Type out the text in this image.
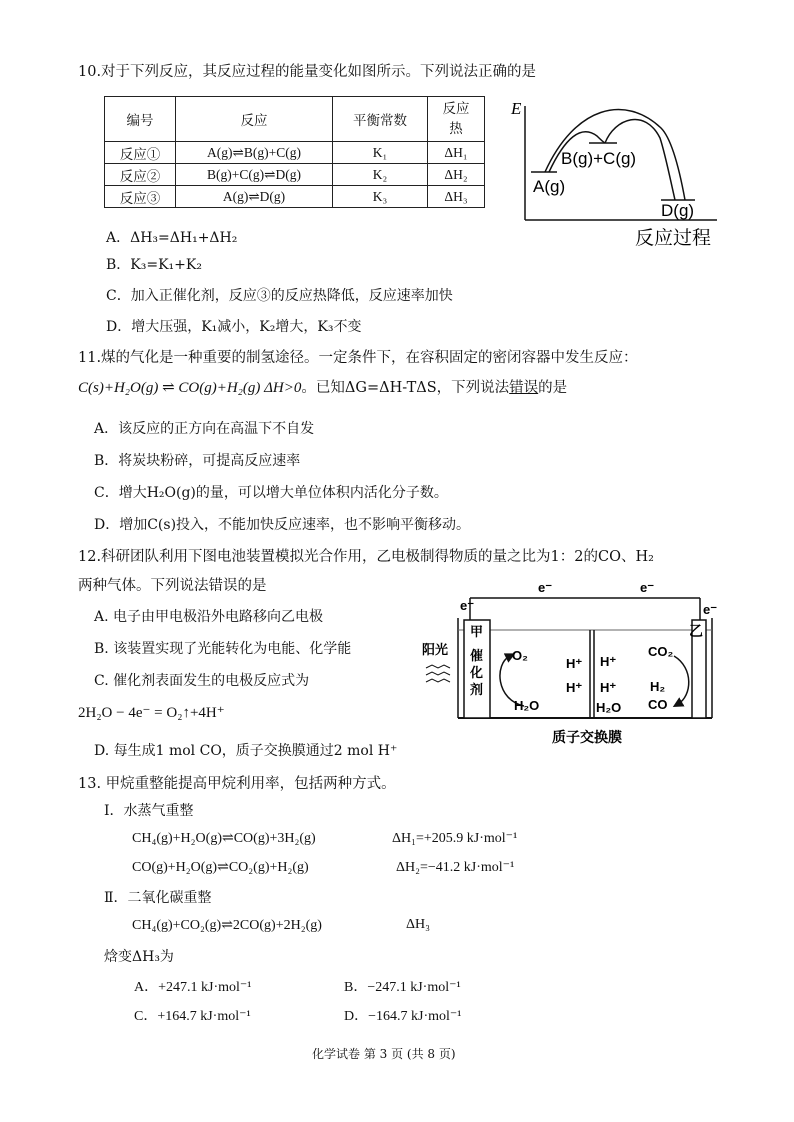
10.对于下列反应，其反应过程的能量变化如图所示。下列说法正确的是
编号	反应	平衡常数	反应
热
反应①	A(g)⇌B(g)+C(g)	K₁	ΔH₁
反应②	B(g)+C(g)⇌D(g)	K₂	ΔH₂
反应③	A(g)⇌D(g)	K₃	ΔH₃
E
A(g)
B(g)+C(g)
D(g)
反应过程
A．ΔH₃=ΔH₁+ΔH₂
B．K₃=K₁+K₂
C．加入正催化剂，反应③的反应热降低，反应速率加快
D．增大压强，K₁减小，K₂增大，K₃不变
11.煤的气化是一种重要的制氢途径。一定条件下，在容积固定的密闭容器中发生反应：
C(s)+H₂O(g) ⇌ CO(g)+H₂(g) ΔH>0。已知ΔG=ΔH-TΔS，下列说法错误的是
A．该反应的正方向在高温下不自发
B．将炭块粉碎，可提高反应速率
C．增大H₂O(g)的量，可以增大单位体积内活化分子数。
D．增加C(s)投入，不能加快反应速率，也不影响平衡移动。
12.科研团队利用下图电池装置模拟光合作用，乙电极制得物质的量之比为1：2的CO、H₂
两种气体。下列说法错误的是
A. 电子由甲电极沿外电路移向乙电极
B. 该装置实现了光能转化为电能、化学能
C. 催化剂表面发生的电极反应式为
2H₂O − 4e⁻ = O₂↑+4H⁺
D. 每生成1 mol CO，质子交换膜通过2 mol H⁺
e⁻	e⁻
e⁻	e⁻
甲
催
化
剂
乙
阳光	O₂
H₂O
H⁺
H⁺
H⁺
H⁺
H₂O
CO₂
H₂
CO
质子交换膜
13. 甲烷重整能提高甲烷利用率，包括两种方式。
Ⅰ．水蒸气重整
CH₄(g)+H₂O(g)⇌CO(g)+3H₂(g)	ΔH₁=+205.9 kJ·mol⁻¹
CO(g)+H₂O(g)⇌CO₂(g)+H₂(g)	ΔH₂=−41.2 kJ·mol⁻¹
Ⅱ．二氧化碳重整
CH₄(g)+CO₂(g)⇌2CO(g)+2H₂(g)	ΔH₃
焓变ΔH₃为
A．+247.1 kJ·mol⁻¹	B．−247.1 kJ·mol⁻¹
C．+164.7 kJ·mol⁻¹	D．−164.7 kJ·mol⁻¹
化学试卷 第 3 页 (共 8 页)
